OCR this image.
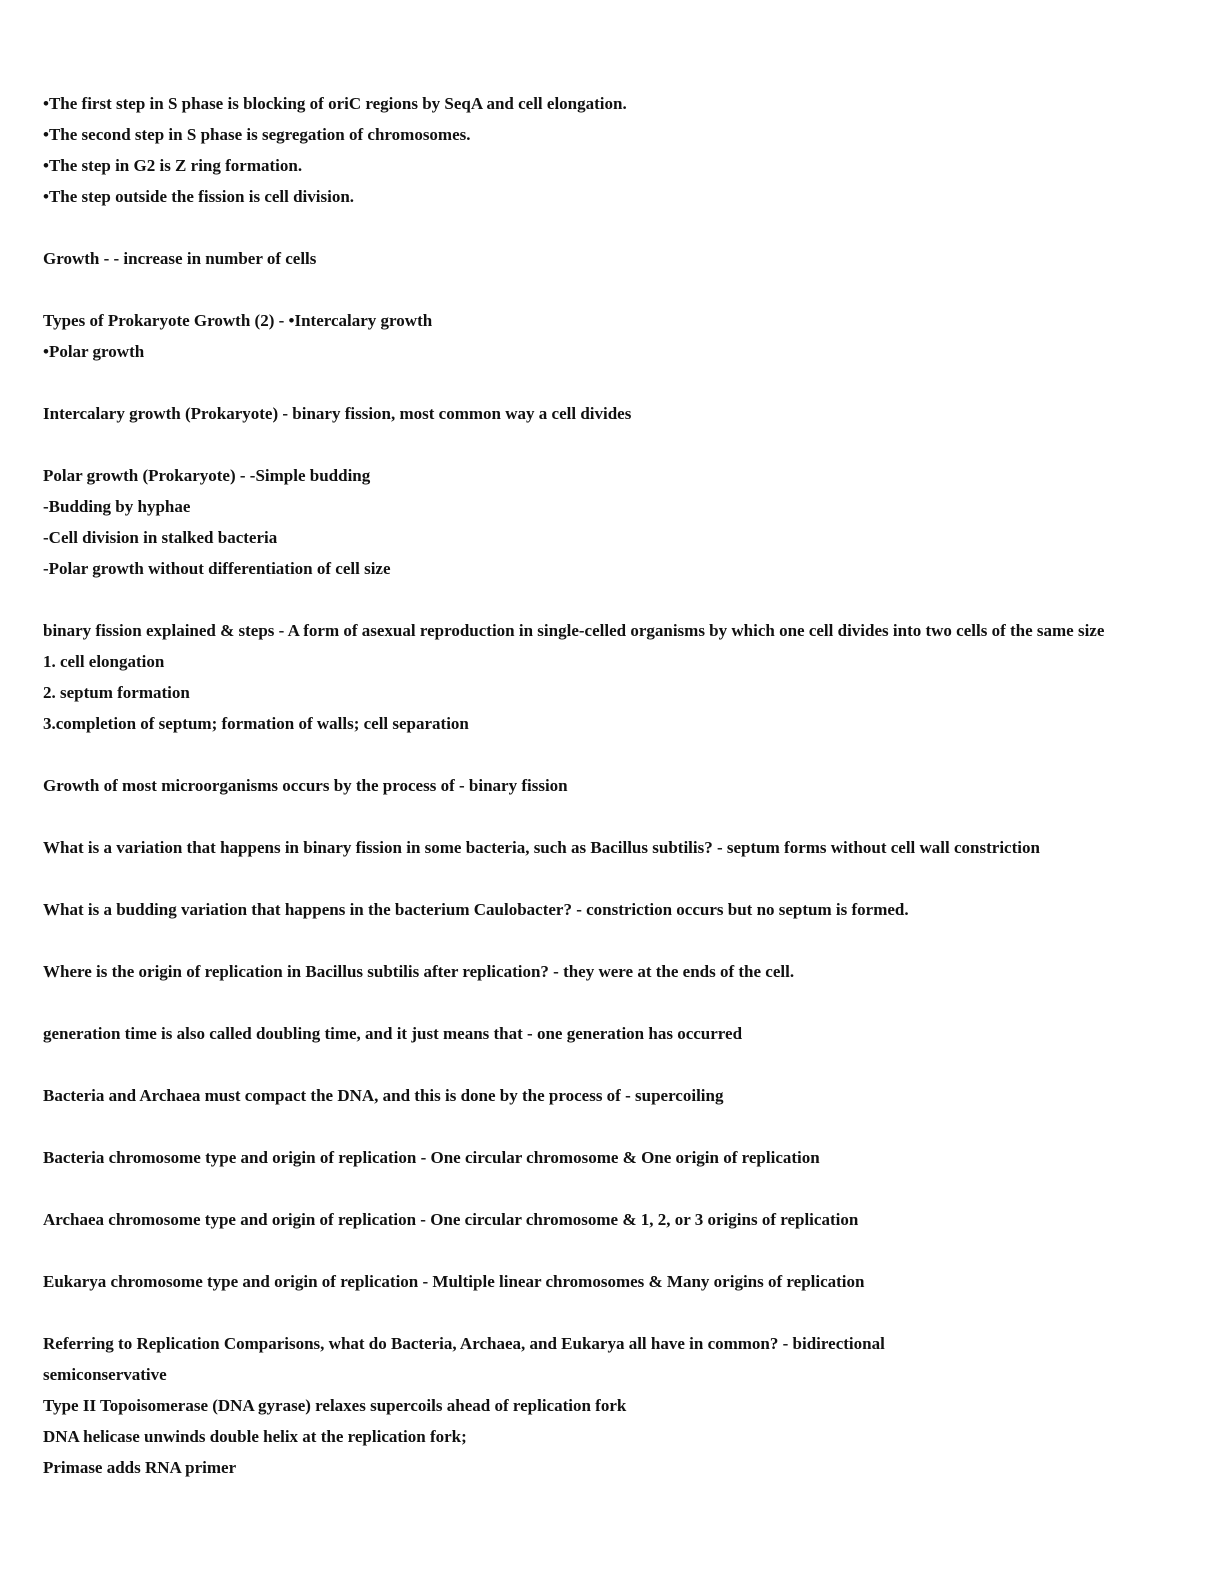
•The first step in S phase is blocking of oriC regions by SeqA and cell elongation.

•The second step in S phase is segregation of chromosomes.

•The step in G2 is Z ring formation.

•The step outside the fission is cell division.

Growth - - increase in number of cells

Types of Prokaryote Growth (2) - •Intercalary growth

•Polar growth

Intercalary growth (Prokaryote) - binary fission, most common way a cell divides

Polar growth (Prokaryote) - -Simple budding

-Budding by hyphae

-Cell division in stalked bacteria

-Polar growth without differentiation of cell size

binary fission explained & steps - A form of asexual reproduction in single-celled organisms by which one cell divides into two cells of the same size

1. cell elongation

2. septum formation

3.completion of septum; formation of walls; cell separation

Growth of most microorganisms occurs by the process of - binary fission

What is a variation that happens in binary fission in some bacteria, such as Bacillus subtilis? - septum forms without cell wall constriction

What is a budding variation that happens in the bacterium Caulobacter? - constriction occurs but no septum is formed.

Where is the origin of replication in Bacillus subtilis after replication? - they were at the ends of the cell.

generation time is also called doubling time, and it just means that - one generation has occurred

Bacteria and Archaea must compact the DNA, and this is done by the process of - supercoiling

Bacteria chromosome type and origin of replication - One circular chromosome & One origin of replication

Archaea chromosome type and origin of replication - One circular chromosome & 1, 2, or 3 origins of replication

Eukarya chromosome type and origin of replication - Multiple linear chromosomes & Many origins of replication

Referring to Replication Comparisons, what do Bacteria, Archaea, and Eukarya all have in common? - bidirectional

semiconservative

Type II Topoisomerase (DNA gyrase) relaxes supercoils ahead of replication fork

DNA helicase unwinds double helix at the replication fork;

Primase adds RNA primer
